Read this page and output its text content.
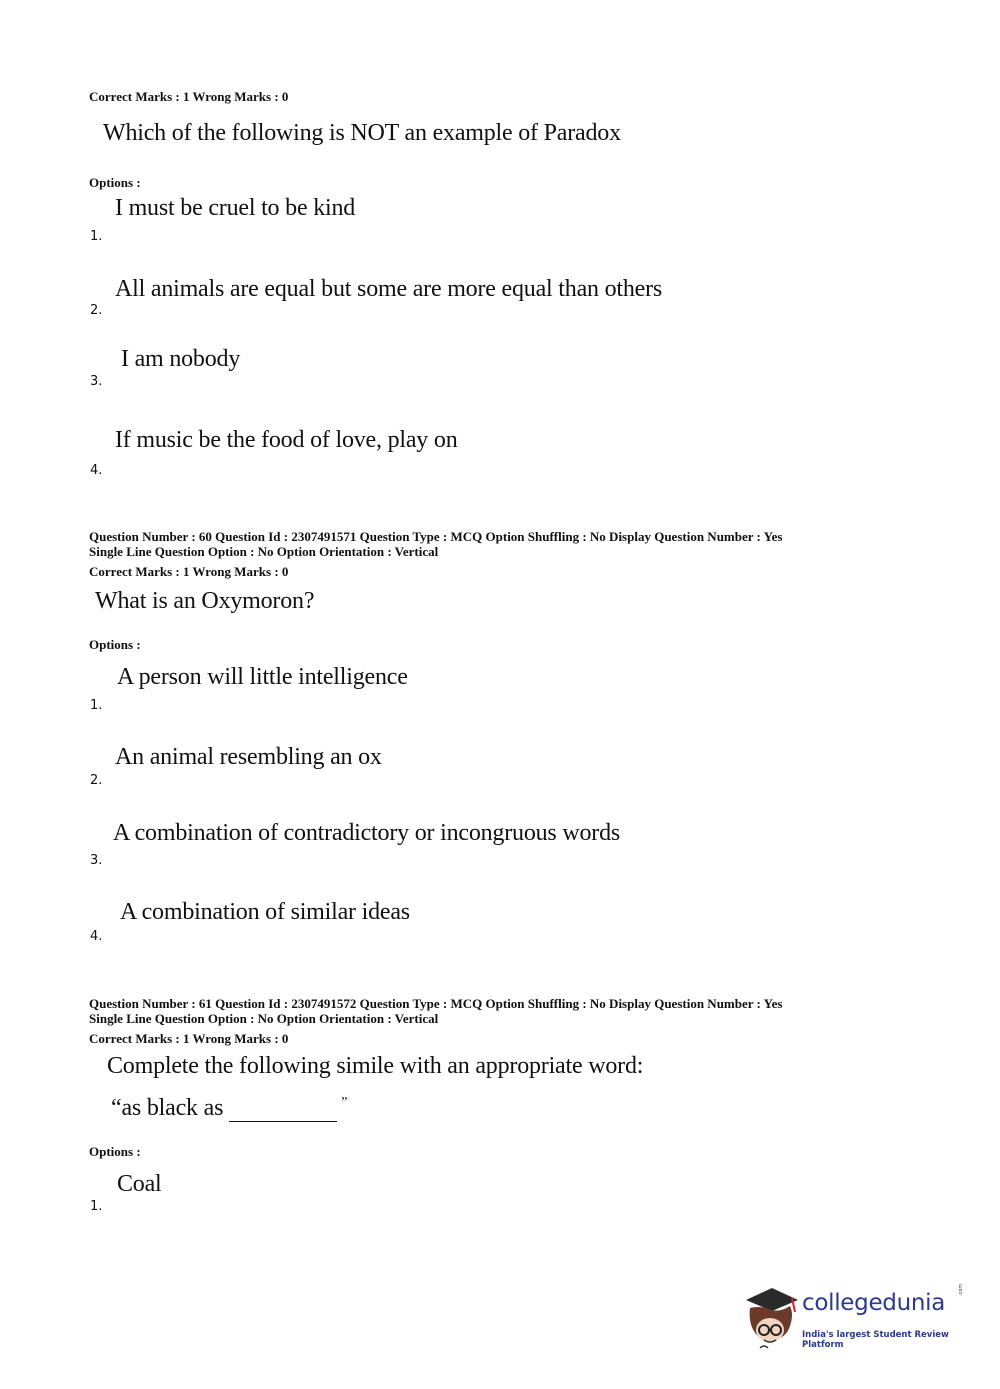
Correct Marks : 1 Wrong Marks : 0
Which of the following is NOT an example of Paradox
Options :
I must be cruel to be kind
1.
All animals are equal but some are more equal than others
2.
I am nobody
3.
If music be the food of love, play on
4.
Question Number : 60 Question Id : 2307491571 Question Type : MCQ Option Shuffling : No Display Question Number : Yes
Single Line Question Option : No Option Orientation : Vertical
Correct Marks : 1 Wrong Marks : 0
What is an Oxymoron?
Options :
A person will little intelligence
1.
An animal resembling an ox
2.
A combination of contradictory or incongruous words
3.
A combination of similar ideas
4.
Question Number : 61 Question Id : 2307491572 Question Type : MCQ Option Shuffling : No Display Question Number : Yes
Single Line Question Option : No Option Orientation : Vertical
Correct Marks : 1 Wrong Marks : 0
Complete the following simile with an appropriate word:
“as black as	”
Options :
Coal
1.
collegedunia
.com
India's largest Student Review Platform
